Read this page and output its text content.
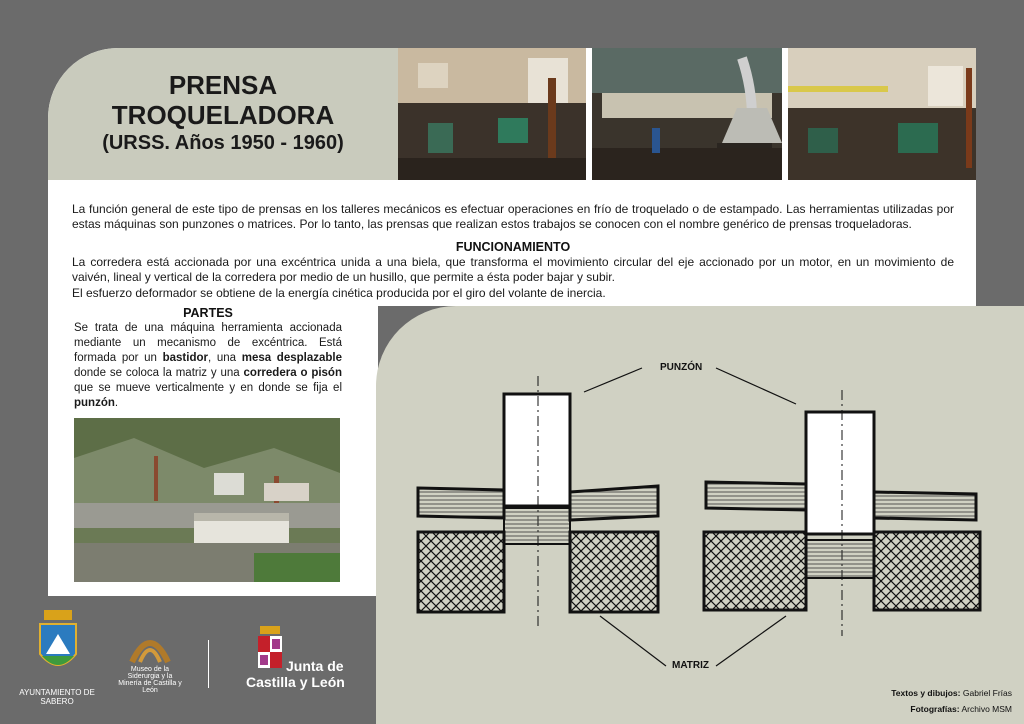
PRENSA
TROQUELADORA
(URSS. Años 1950 - 1960)
La función general de este tipo de prensas en los talleres mecánicos es efectuar operaciones en frío de troquelado o de estampado. Las herramientas utilizadas por estas máquinas son punzones o matrices. Por lo tanto, las prensas que realizan estos trabajos se conocen con el nombre genérico de prensas troqueladoras.
FUNCIONAMIENTO
La corredera está accionada por una excéntrica unida a una biela, que transforma el movimiento circular del eje accionado por un motor, en un movimiento de vaivén, lineal y vertical de la corredera por medio de un husillo, que permite a ésta poder bajar y subir.
El esfuerzo deformador se obtiene de la energía cinética producida por el giro del volante de inercia.
PARTES
Se trata de una máquina herramienta accionada mediante un mecanismo de excéntrica. Está formada por un bastidor, una mesa desplazable donde se coloca la matriz y una corredera o pisón que se mueve verticalmente y en donde se fija el punzón.
PUNZÓN
MATRIZ
AYUNTAMIENTO DE SABERO
Museo de la Siderurgia y la Minería de Castilla y León
Junta de
Castilla y León
Textos y dibujos: Gabriel Frías
Fotografías: Archivo MSM
